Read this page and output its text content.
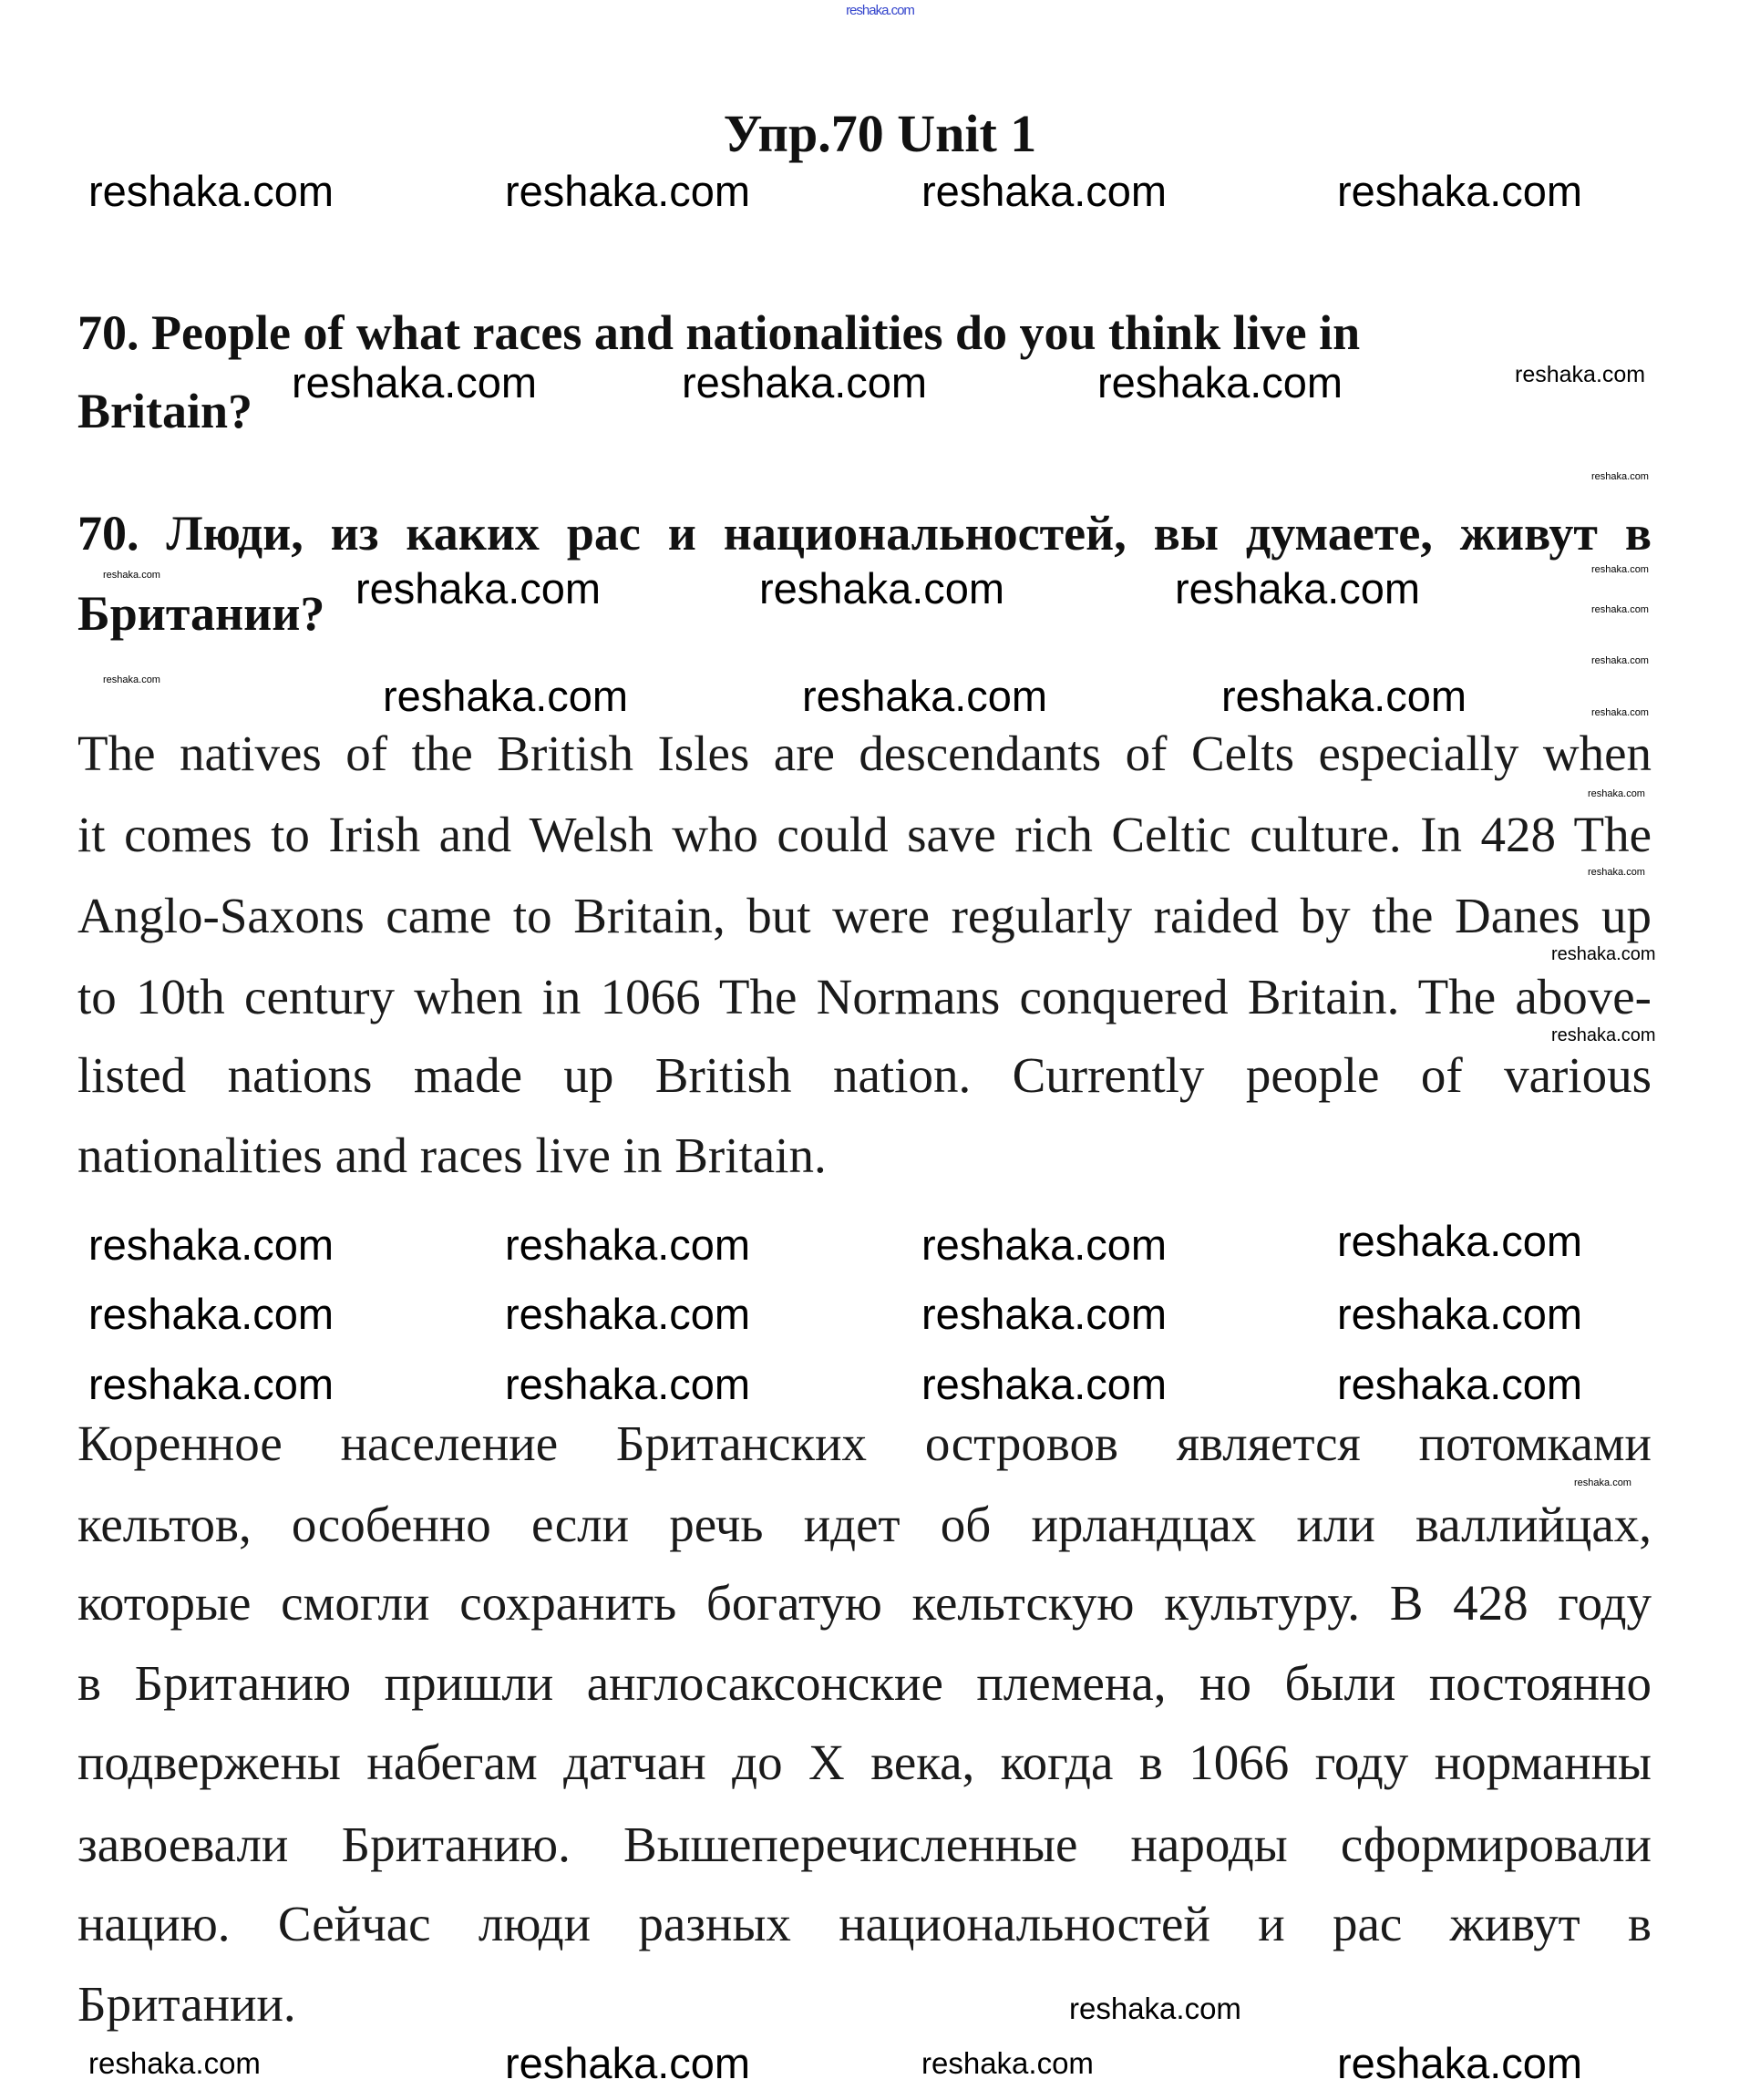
reshaka.com
Упр.70 Unit 1
70. People of what races and nationalities do you think live in
Britain?
70. Люди, из каких рас и национальностей, вы думаете, живут в
Британии?
The natives of the British Isles are descendants of Celts especially when
it comes to Irish and Welsh who could save rich Celtic culture. In 428 The
Anglo-Saxons came to Britain, but were regularly raided by the Danes up
to 10th century when in 1066 The Normans conquered Britain. The above-
listed nations made up British nation. Currently people of various
nationalities and races live in Britain.
Коренное население Британских островов является потомками
кельтов, особенно если речь идет об ирландцах или валлийцах,
которые смогли сохранить богатую кельтскую культуру. В 428 году
в Британию пришли англосаксонские племена, но были постоянно
подвержены набегам датчан до X века, когда в 1066 году норманны
завоевали Британию. Вышеперечисленные народы сформировали
нацию. Сейчас люди разных национальностей и рас живут в
Британии.
reshaka.com	reshaka.com	reshaka.com	reshaka.com
reshaka.com	reshaka.com	reshaka.com
reshaka.com	reshaka.com	reshaka.com
reshaka.com	reshaka.com	reshaka.com
reshaka.com	reshaka.com	reshaka.com	reshaka.com
reshaka.com	reshaka.com	reshaka.com	reshaka.com
reshaka.com	reshaka.com	reshaka.com	reshaka.com
reshaka.com	reshaka.com
reshaka.com
reshaka.com
reshaka.com
reshaka.com
reshaka.com
reshaka.com
reshaka.com
reshaka.com
reshaka.com
reshaka.com
reshaka.com
reshaka.com
reshaka.com
reshaka.com
reshaka.com
reshaka.com
